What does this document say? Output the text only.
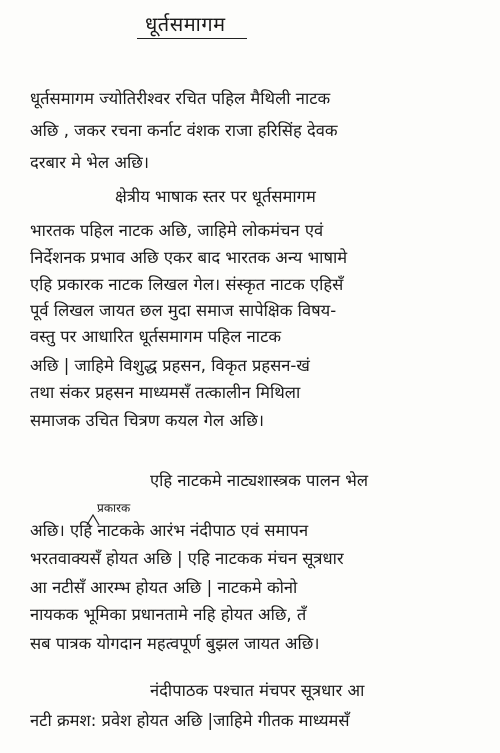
धूर्तसमागम
धूर्तसमागम ज्योतिरीश्वर रचित पहिल मैथिली नाटक
अछि , जकर रचना कर्नाट वंशक राजा हरिसिंह देवक
दरबार मे भेल अछि।
क्षेत्रीय भाषाक स्तर पर धूर्तसमागम
भारतक पहिल नाटक अछि, जाहिमे लोकमंचन एवं
निर्देशनक प्रभाव अछि एकर बाद भारतक अन्य भाषामे
एहि प्रकारक नाटक लिखल गेल। संस्कृत नाटक एहिसँ
पूर्व लिखल जायत छल मुदा समाज सापेक्षिक विषय-
वस्तु पर आधारित धूर्तसमागम पहिल नाटक
अछि | जाहिमे विशुद्ध प्रहसन, विकृत प्रहसन-खं
तथा संकर प्रहसन माध्यमसँ तत्कालीन मिथिला
समाजक उचित चित्रण कयल गेल अछि।
एहि नाटकमे नाट्यशास्त्रक पालन भेल
प्रकारक
अछि। एहि नाटकके आरंभ नंदीपाठ एवं समापन
भरतवाक्यसँ होयत अछि | एहि नाटकक मंचन सूत्रधार
आ नटीसँ आरम्भ होयत अछि | नाटकमे कोनो
नायकक भूमिका प्रधानतामे नहि होयत अछि, तँ
सब पात्रक योगदान महत्वपूर्ण बुझल जायत अछि।
नंदीपाठक पश्चात मंचपर सूत्रधार आ
नटी क्रमश: प्रवेश होयत अछि |जाहिमे गीतक माध्यमसँ
